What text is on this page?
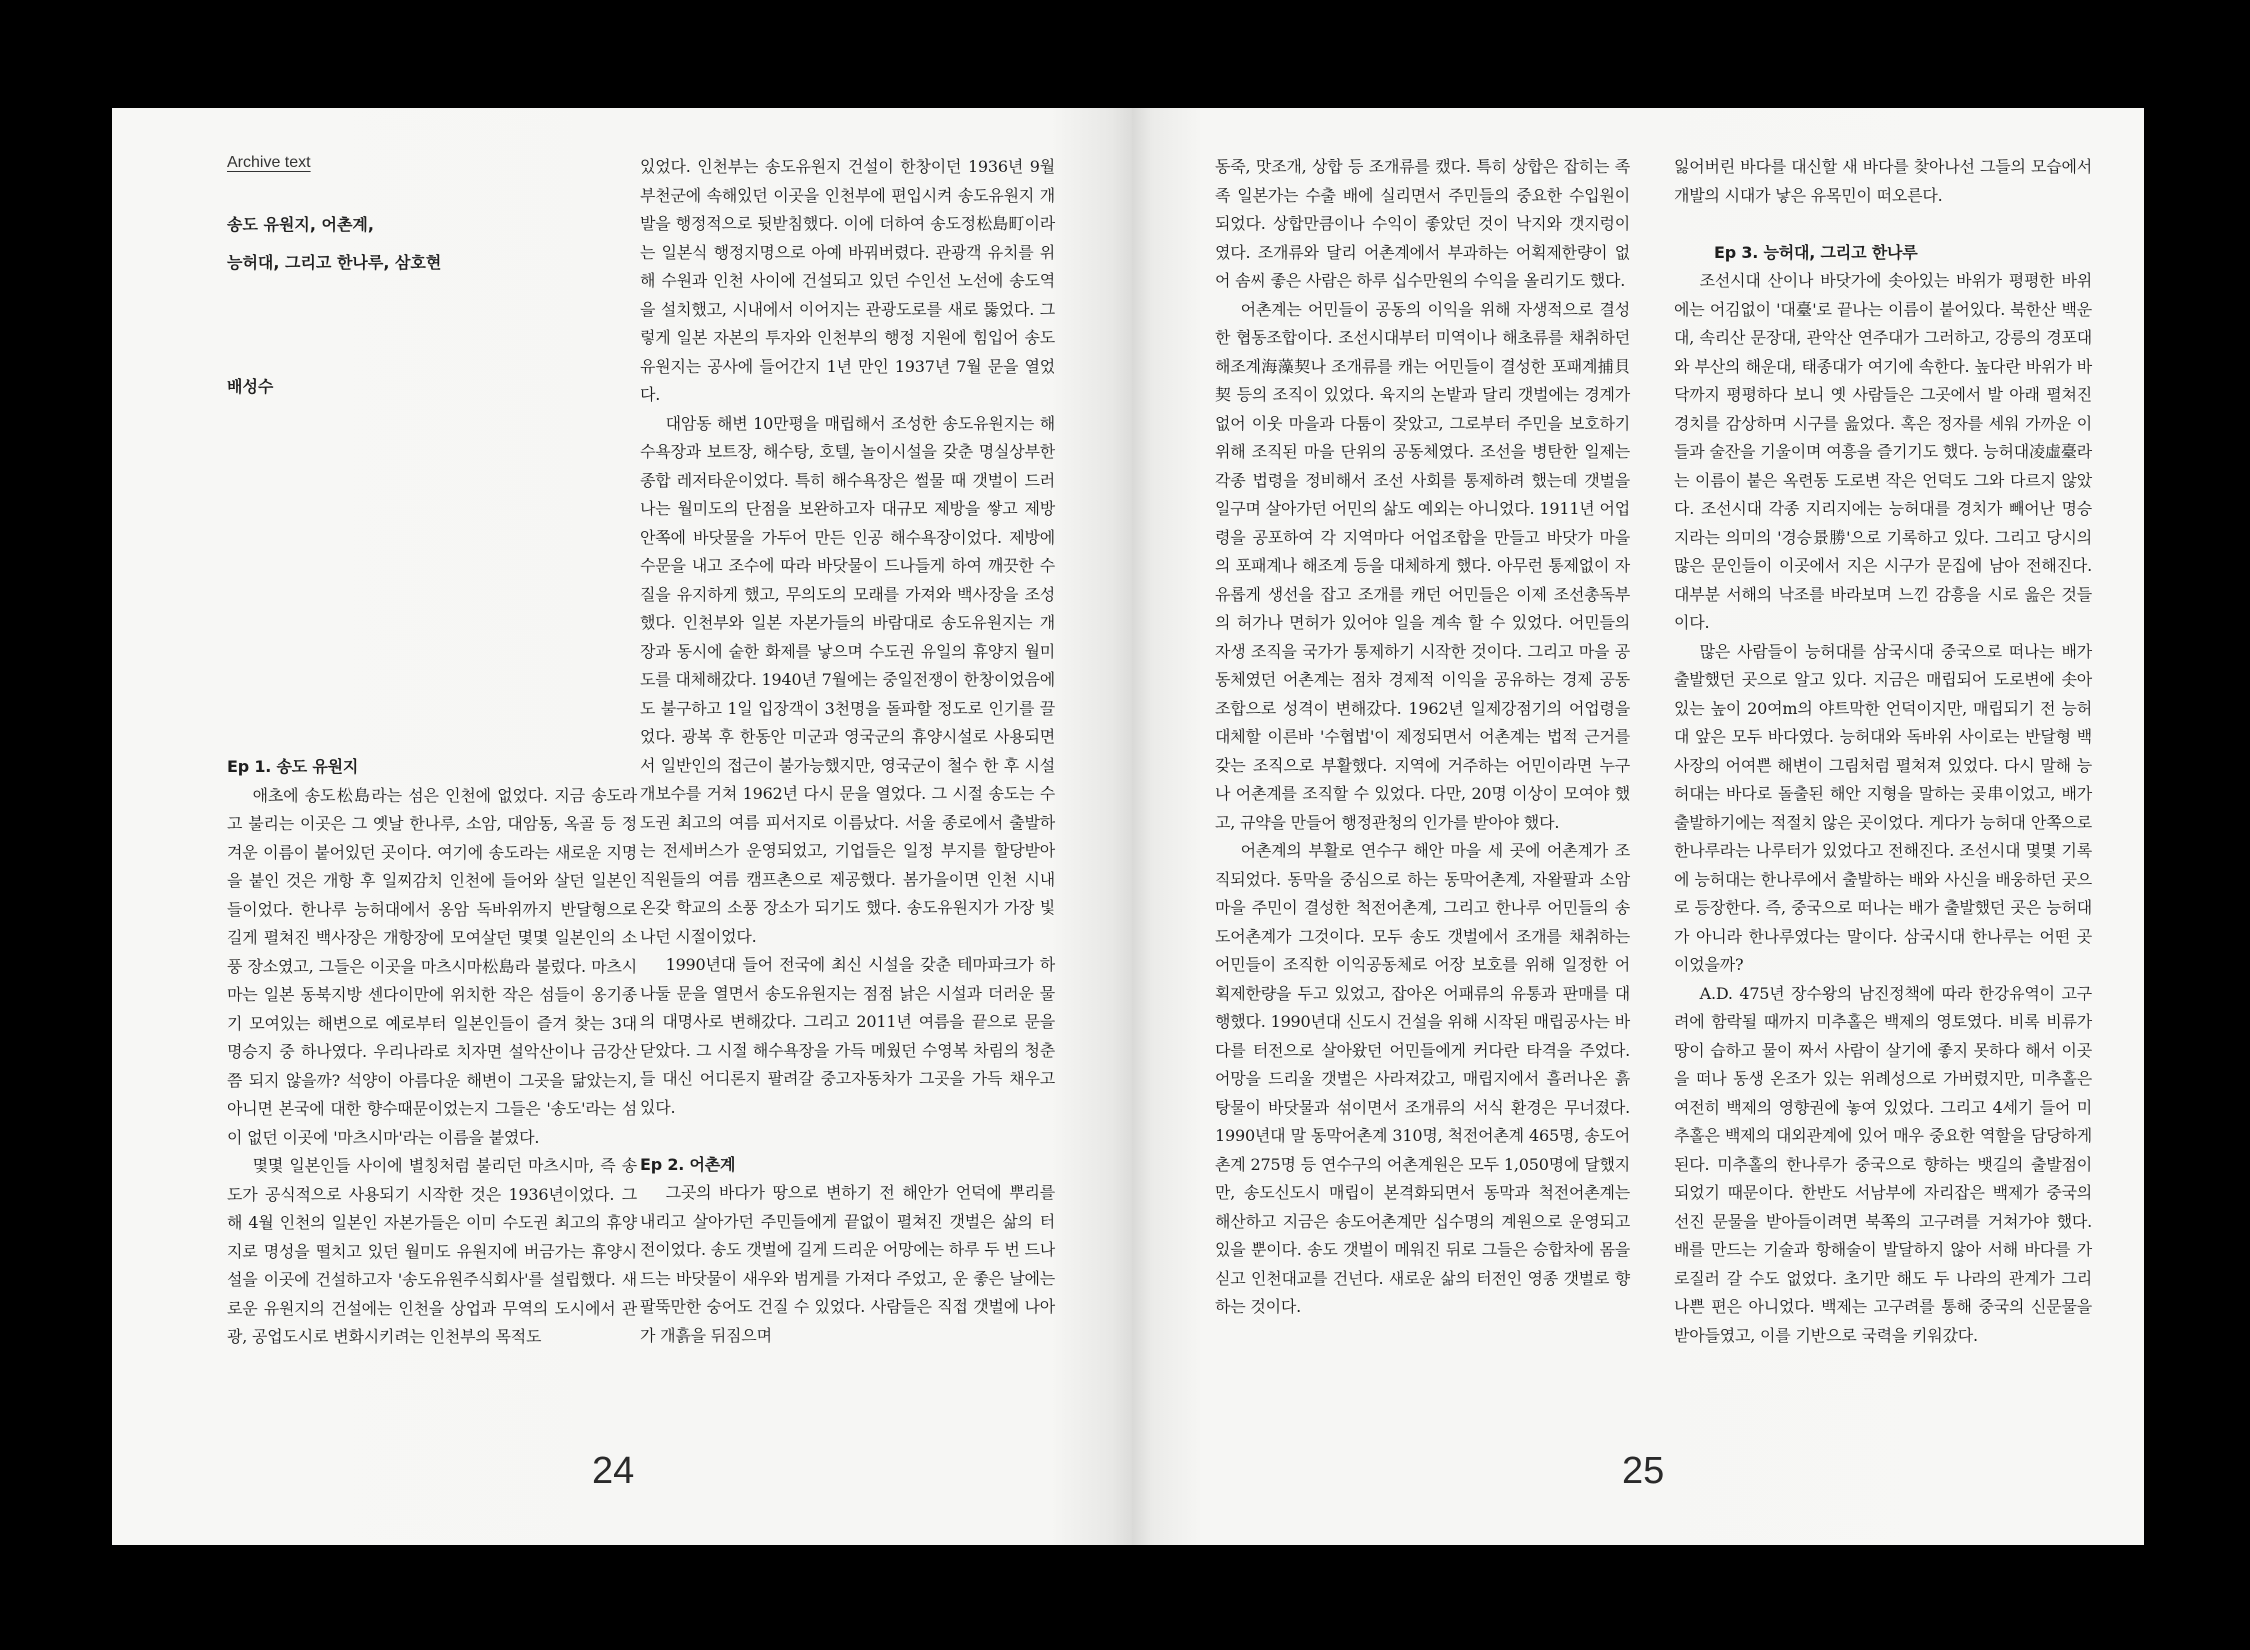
Archive text
송도 유원지, 어촌계,
능허대, 그리고 한나루, 삼호현
배성수
Ep 1. 송도 유원지

애초에 송도松島라는 섬은 인천에 없었다. 지금 송도라고 불리는 이곳은 그 옛날 한나루, 소암, 대암동, 옥골 등 정겨운 이름이 붙어있던 곳이다. 여기에 송도라는 새로운 지명을 붙인 것은 개항 후 일찌감치 인천에 들어와 살던 일본인들이었다. 한나루 능허대에서 옹암 독바위까지 반달형으로 길게 펼쳐진 백사장은 개항장에 모여살던 몇몇 일본인의 소풍 장소였고, 그들은 이곳을 마츠시마松島라 불렀다. 마츠시마는 일본 동북지방 센다이만에 위치한 작은 섬들이 옹기종기 모여있는 해변으로 예로부터 일본인들이 즐겨 찾는 3대 명승지 중 하나였다. 우리나라로 치자면 설악산이나 금강산 쯤 되지 않을까? 석양이 아름다운 해변이 그곳을 닮았는지, 아니면 본국에 대한 향수때문이었는지 그들은 '송도'라는 섬이 없던 이곳에 '마츠시마'라는 이름을 붙였다.

몇몇 일본인들 사이에 별칭처럼 불리던 마츠시마, 즉 송도가 공식적으로 사용되기 시작한 것은 1936년이었다. 그 해 4월 인천의 일본인 자본가들은 이미 수도권 최고의 휴양지로 명성을 떨치고 있던 월미도 유원지에 버금가는 휴양시설을 이곳에 건설하고자 '송도유원주식회사'를 설립했다. 새로운 유원지의 건설에는 인천을 상업과 무역의 도시에서 관광, 공업도시로 변화시키려는 인천부의 목적도

있었다. 인천부는 송도유원지 건설이 한창이던 1936년 9월 부천군에 속해있던 이곳을 인천부에 편입시켜 송도유원지 개발을 행정적으로 뒷받침했다. 이에 더하여 송도정松島町이라는 일본식 행정지명으로 아예 바꿔버렸다. 관광객 유치를 위해 수원과 인천 사이에 건설되고 있던 수인선 노선에 송도역을 설치했고, 시내에서 이어지는 관광도로를 새로 뚫었다. 그렇게 일본 자본의 투자와 인천부의 행정 지원에 힘입어 송도유원지는 공사에 들어간지 1년 만인 1937년 7월 문을 열었다.

대암동 해변 10만평을 매립해서 조성한 송도유원지는 해수욕장과 보트장, 해수탕, 호텔, 놀이시설을 갖춘 명실상부한 종합 레저타운이었다. 특히 해수욕장은 썰물 때 갯벌이 드러나는 월미도의 단점을 보완하고자 대규모 제방을 쌓고 제방 안쪽에 바닷물을 가두어 만든 인공 해수욕장이었다. 제방에 수문을 내고 조수에 따라 바닷물이 드나들게 하여 깨끗한 수질을 유지하게 했고, 무의도의 모래를 가져와 백사장을 조성했다. 인천부와 일본 자본가들의 바람대로 송도유원지는 개장과 동시에 숱한 화제를 낳으며 수도권 유일의 휴양지 월미도를 대체해갔다. 1940년 7월에는 중일전쟁이 한창이었음에도 불구하고 1일 입장객이 3천명을 돌파할 정도로 인기를 끌었다. 광복 후 한동안 미군과 영국군의 휴양시설로 사용되면서 일반인의 접근이 불가능했지만, 영국군이 철수 한 후 시설개보수를 거쳐 1962년 다시 문을 열었다. 그 시절 송도는 수도권 최고의 여름 피서지로 이름났다. 서울 종로에서 출발하는 전세버스가 운영되었고, 기업들은 일정 부지를 할당받아 직원들의 여름 캠프촌으로 제공했다. 봄가을이면 인천 시내 온갖 학교의 소풍 장소가 되기도 했다. 송도유원지가 가장 빛나던 시절이었다.

1990년대 들어 전국에 최신 시설을 갖춘 테마파크가 하나둘 문을 열면서 송도유원지는 점점 낡은 시설과 더러운 물의 대명사로 변해갔다. 그리고 2011년 여름을 끝으로 문을 닫았다. 그 시절 해수욕장을 가득 메웠던 수영복 차림의 청춘들 대신 어디론지 팔려갈 중고자동차가 그곳을 가득 채우고 있다.

Ep 2. 어촌계

그곳의 바다가 땅으로 변하기 전 해안가 언덕에 뿌리를 내리고 살아가던 주민들에게 끝없이 펼쳐진 갯벌은 삶의 터전이었다. 송도 갯벌에 길게 드리운 어망에는 하루 두 번 드나드는 바닷물이 새우와 범게를 가져다 주었고, 운 좋은 날에는 팔뚝만한 숭어도 건질 수 있었다. 사람들은 직접 갯벌에 나아가 개흙을 뒤짐으며

24

동죽, 맛조개, 상합 등 조개류를 캤다. 특히 상합은 잡히는 족족 일본가는 수출 배에 실리면서 주민들의 중요한 수입원이 되었다. 상합만큼이나 수익이 좋았던 것이 낙지와 갯지렁이였다. 조개류와 달리 어촌계에서 부과하는 어획제한량이 없어 솜씨 좋은 사람은 하루 십수만원의 수익을 올리기도 했다.

어촌계는 어민들이 공동의 이익을 위해 자생적으로 결성한 협동조합이다. 조선시대부터 미역이나 해초류를 채취하던 해조계海藻契나 조개류를 캐는 어민들이 결성한 포패계捕貝契 등의 조직이 있었다. 육지의 논밭과 달리 갯벌에는 경계가 없어 이웃 마을과 다툼이 잦았고, 그로부터 주민을 보호하기 위해 조직된 마을 단위의 공동체였다. 조선을 병탄한 일제는 각종 법령을 정비해서 조선 사회를 통제하려 했는데 갯벌을 일구며 살아가던 어민의 삶도 예외는 아니었다. 1911년 어업령을 공포하여 각 지역마다 어업조합을 만들고 바닷가 마을의 포패계나 해조계 등을 대체하게 했다. 아무런 통제없이 자유롭게 생선을 잡고 조개를 캐던 어민들은 이제 조선총독부의 허가나 면허가 있어야 일을 계속 할 수 있었다. 어민들의 자생 조직을 국가가 통제하기 시작한 것이다. 그리고 마을 공동체였던 어촌계는 점차 경제적 이익을 공유하는 경제 공동조합으로 성격이 변해갔다. 1962년 일제강점기의 어업령을 대체할 이른바 '수협법'이 제정되면서 어촌계는 법적 근거를 갖는 조직으로 부활했다. 지역에 거주하는 어민이라면 누구나 어촌계를 조직할 수 있었다. 다만, 20명 이상이 모여야 했고, 규약을 만들어 행정관청의 인가를 받아야 했다.

어촌계의 부활로 연수구 해안 마을 세 곳에 어촌계가 조직되었다. 동막을 중심으로 하는 동막어촌계, 자왈팔과 소암마을 주민이 결성한 척전어촌계, 그리고 한나루 어민들의 송도어촌계가 그것이다. 모두 송도 갯벌에서 조개를 채취하는 어민들이 조직한 이익공동체로 어장 보호를 위해 일정한 어획제한량을 두고 있었고, 잡아온 어패류의 유통과 판매를 대행했다. 1990년대 신도시 건설을 위해 시작된 매립공사는 바다를 터전으로 살아왔던 어민들에게 커다란 타격을 주었다. 어망을 드리울 갯벌은 사라져갔고, 매립지에서 흘러나온 흙탕물이 바닷물과 섞이면서 조개류의 서식 환경은 무너졌다. 1990년대 말 동막어촌계 310명, 척전어촌계 465명, 송도어촌계 275명 등 연수구의 어촌계원은 모두 1,050명에 달했지만, 송도신도시 매립이 본격화되면서 동막과 척전어촌계는 해산하고 지금은 송도어촌계만 십수명의 계원으로 운영되고 있을 뿐이다. 송도 갯벌이 메워진 뒤로 그들은 승합차에 몸을 싣고 인천대교를 건넌다. 새로운 삶의 터전인 영종 갯벌로 향하는 것이다.

잃어버린 바다를 대신할 새 바다를 찾아나선 그들의 모습에서 개발의 시대가 낳은 유목민이 떠오른다.

Ep 3. 능허대, 그리고 한나루

조선시대 산이나 바닷가에 솟아있는 바위가 평평한 바위에는 어김없이 '대臺'로 끝나는 이름이 붙어있다. 북한산 백운대, 속리산 문장대, 관악산 연주대가 그러하고, 강릉의 경포대와 부산의 해운대, 태종대가 여기에 속한다. 높다란 바위가 바닥까지 평평하다 보니 옛 사람들은 그곳에서 발 아래 펼쳐진 경치를 감상하며 시구를 읊었다. 혹은 정자를 세워 가까운 이들과 술잔을 기울이며 여흥을 즐기기도 했다. 능허대凌虛臺라는 이름이 붙은 옥련동 도로변 작은 언덕도 그와 다르지 않았다. 조선시대 각종 지리지에는 능허대를 경치가 빼어난 명승지라는 의미의 '경승景勝'으로 기록하고 있다. 그리고 당시의 많은 문인들이 이곳에서 지은 시구가 문집에 남아 전해진다. 대부분 서해의 낙조를 바라보며 느낀 감흥을 시로 읊은 것들이다.

많은 사람들이 능허대를 삼국시대 중국으로 떠나는 배가 출발했던 곳으로 알고 있다. 지금은 매립되어 도로변에 솟아있는 높이 20여m의 야트막한 언덕이지만, 매립되기 전 능허대 앞은 모두 바다였다. 능허대와 독바위 사이로는 반달형 백사장의 어여쁜 해변이 그림처럼 펼쳐져 있었다. 다시 말해 능허대는 바다로 돌출된 해안 지형을 말하는 곶串이었고, 배가 출발하기에는 적절치 않은 곳이었다. 게다가 능허대 안쪽으로 한나루라는 나루터가 있었다고 전해진다. 조선시대 몇몇 기록에 능허대는 한나루에서 출발하는 배와 사신을 배웅하던 곳으로 등장한다. 즉, 중국으로 떠나는 배가 출발했던 곳은 능허대가 아니라 한나루였다는 말이다. 삼국시대 한나루는 어떤 곳이었을까?

A.D. 475년 장수왕의 남진정책에 따라 한강유역이 고구려에 함락될 때까지 미추홀은 백제의 영토였다. 비록 비류가 땅이 습하고 물이 짜서 사람이 살기에 좋지 못하다 해서 이곳을 떠나 동생 온조가 있는 위례성으로 가버렸지만, 미추홀은 여전히 백제의 영향권에 놓여 있었다. 그리고 4세기 들어 미추홀은 백제의 대외관계에 있어 매우 중요한 역할을 담당하게 된다. 미추홀의 한나루가 중국으로 향하는 뱃길의 출발점이 되었기 때문이다. 한반도 서남부에 자리잡은 백제가 중국의 선진 문물을 받아들이려면 북쪽의 고구려를 거쳐가야 했다. 배를 만드는 기술과 항해술이 발달하지 않아 서해 바다를 가로질러 갈 수도 없었다. 초기만 해도 두 나라의 관계가 그리 나쁜 편은 아니었다. 백제는 고구려를 통해 중국의 신문물을 받아들였고, 이를 기반으로 국력을 키워갔다.

25
